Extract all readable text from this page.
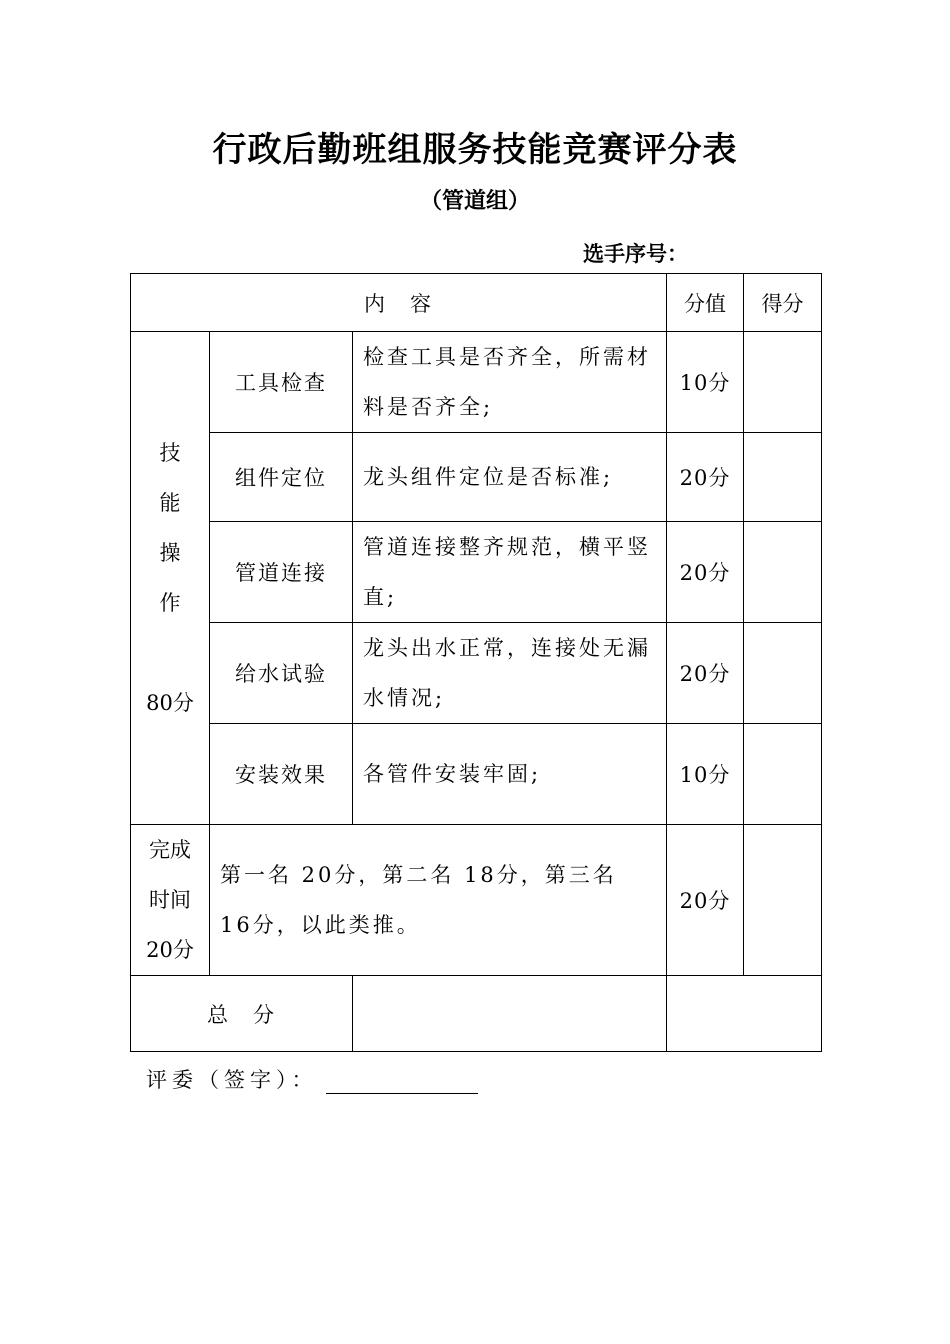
行政后勤班组服务技能竞赛评分表
（管道组）
选手序号：
内　容			分值	得分

技
能
操
作
80分	工具检查	检查工具是否齐全，所需材料是否齐全;	10分	
	组件定位	龙头组件定位是否标准;	20分	
	管道连接	管道连接整齐规范，横平竖直;	20分	
	给水试验	龙头出水正常，连接处无漏水情况;	20分	
	安装效果	各管件安装牢固;	10分	

完成
时间
20分	第一名 20分，第二名 18分，第三名 16分，以此类推。		20分	
总　分				
评委（签字）：
